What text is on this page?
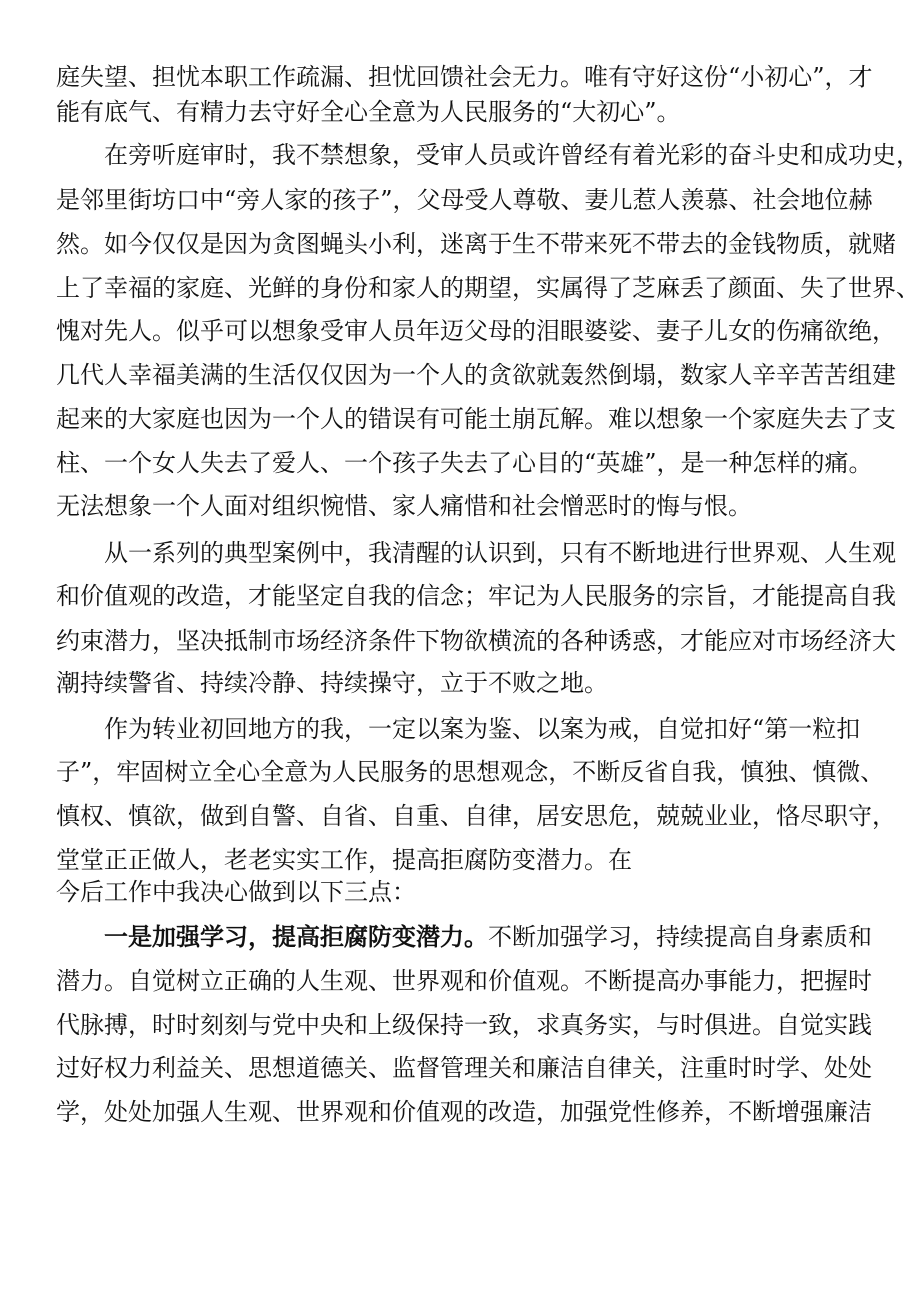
庭失望、担忧本职工作疏漏、担忧回馈社会无力。唯有守好这份“小初心”，才
能有底气、有精力去守好全心全意为人民服务的“大初心”。
在旁听庭审时，我不禁想象，受审人员或许曾经有着光彩的奋斗史和成功史，
是邻里街坊口中“旁人家的孩子”，父母受人尊敬、妻儿惹人羡慕、社会地位赫
然。如今仅仅是因为贪图蝇头小利，迷离于生不带来死不带去的金钱物质，就赌
上了幸福的家庭、光鲜的身份和家人的期望，实属得了芝麻丢了颜面、失了世界、
愧对先人。似乎可以想象受审人员年迈父母的泪眼婆娑、妻子儿女的伤痛欲绝，
几代人幸福美满的生活仅仅因为一个人的贪欲就轰然倒塌，数家人辛辛苦苦组建
起来的大家庭也因为一个人的错误有可能土崩瓦解。难以想象一个家庭失去了支
柱、一个女人失去了爱人、一个孩子失去了心目的“英雄”，是一种怎样的痛。
无法想象一个人面对组织惋惜、家人痛惜和社会憎恶时的悔与恨。
从一系列的典型案例中，我清醒的认识到，只有不断地进行世界观、人生观
和价值观的改造，才能坚定自我的信念；牢记为人民服务的宗旨，才能提高自我
约束潜力，坚决抵制市场经济条件下物欲横流的各种诱惑，才能应对市场经济大
潮持续警省、持续冷静、持续操守，立于不败之地。
作为转业初回地方的我，一定以案为鉴、以案为戒，自觉扣好“第一粒扣
子”，牢固树立全心全意为人民服务的思想观念，不断反省自我，慎独、慎微、
慎权、慎欲，做到自警、自省、自重、自律，居安思危，兢兢业业，恪尽职守，
堂堂正正做人，老老实实工作，提高拒腐防变潜力。在
今后工作中我决心做到以下三点：
一是加强学习，提高拒腐防变潜力。不断加强学习，持续提高自身素质和
潜力。自觉树立正确的人生观、世界观和价值观。不断提高办事能力，把握时
代脉搏，时时刻刻与党中央和上级保持一致，求真务实，与时俱进。自觉实践
过好权力利益关、思想道德关、监督管理关和廉洁自律关，注重时时学、处处
学，处处加强人生观、世界观和价值观的改造，加强党性修养，不断增强廉洁
